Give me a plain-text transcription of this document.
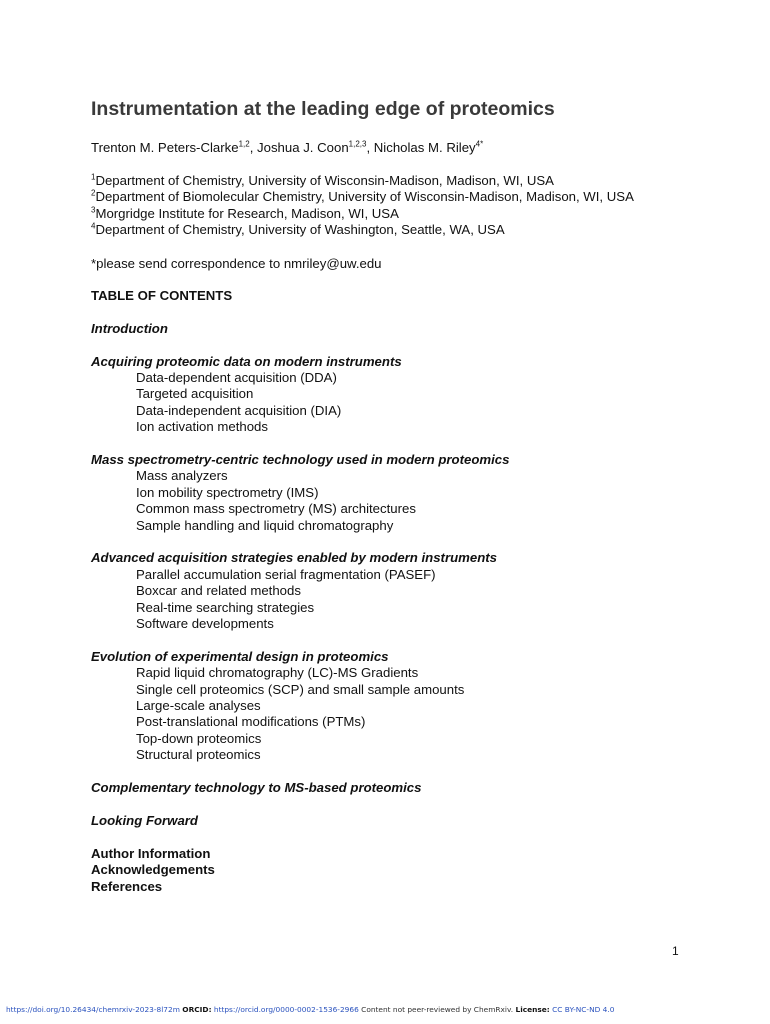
Instrumentation at the leading edge of proteomics
Trenton M. Peters-Clarke$^{1,2}$, Joshua J. Coon$^{1,2,3}$, Nicholas M. Riley$^{4*}$
$^1$Department of Chemistry, University of Wisconsin-Madison, Madison, WI, USA
$^2$Department of Biomolecular Chemistry, University of Wisconsin-Madison, Madison, WI, USA
$^3$Morgridge Institute for Research, Madison, WI, USA
$^4$Department of Chemistry, University of Washington, Seattle, WA, USA
*please send correspondence to nmriley@uw.edu
TABLE OF CONTENTS
Introduction
Acquiring proteomic data on modern instruments
Data-dependent acquisition (DDA)
Targeted acquisition
Data-independent acquisition (DIA)
Ion activation methods
Mass spectrometry-centric technology used in modern proteomics
Mass analyzers
Ion mobility spectrometry (IMS)
Common mass spectrometry (MS) architectures
Sample handling and liquid chromatography
Advanced acquisition strategies enabled by modern instruments
Parallel accumulation serial fragmentation (PASEF)
Boxcar and related methods
Real-time searching strategies
Software developments
Evolution of experimental design in proteomics
Rapid liquid chromatography (LC)-MS Gradients
Single cell proteomics (SCP) and small sample amounts
Large-scale analyses
Post-translational modifications (PTMs)
Top-down proteomics
Structural proteomics
Complementary technology to MS-based proteomics
Looking Forward
Author Information
Acknowledgements
References
1
https://doi.org/10.26434/chemrxiv-2023-8l72m ORCID: https://orcid.org/0000-0002-1536-2966 Content not peer-reviewed by ChemRxiv. License: CC BY-NC-ND 4.0
